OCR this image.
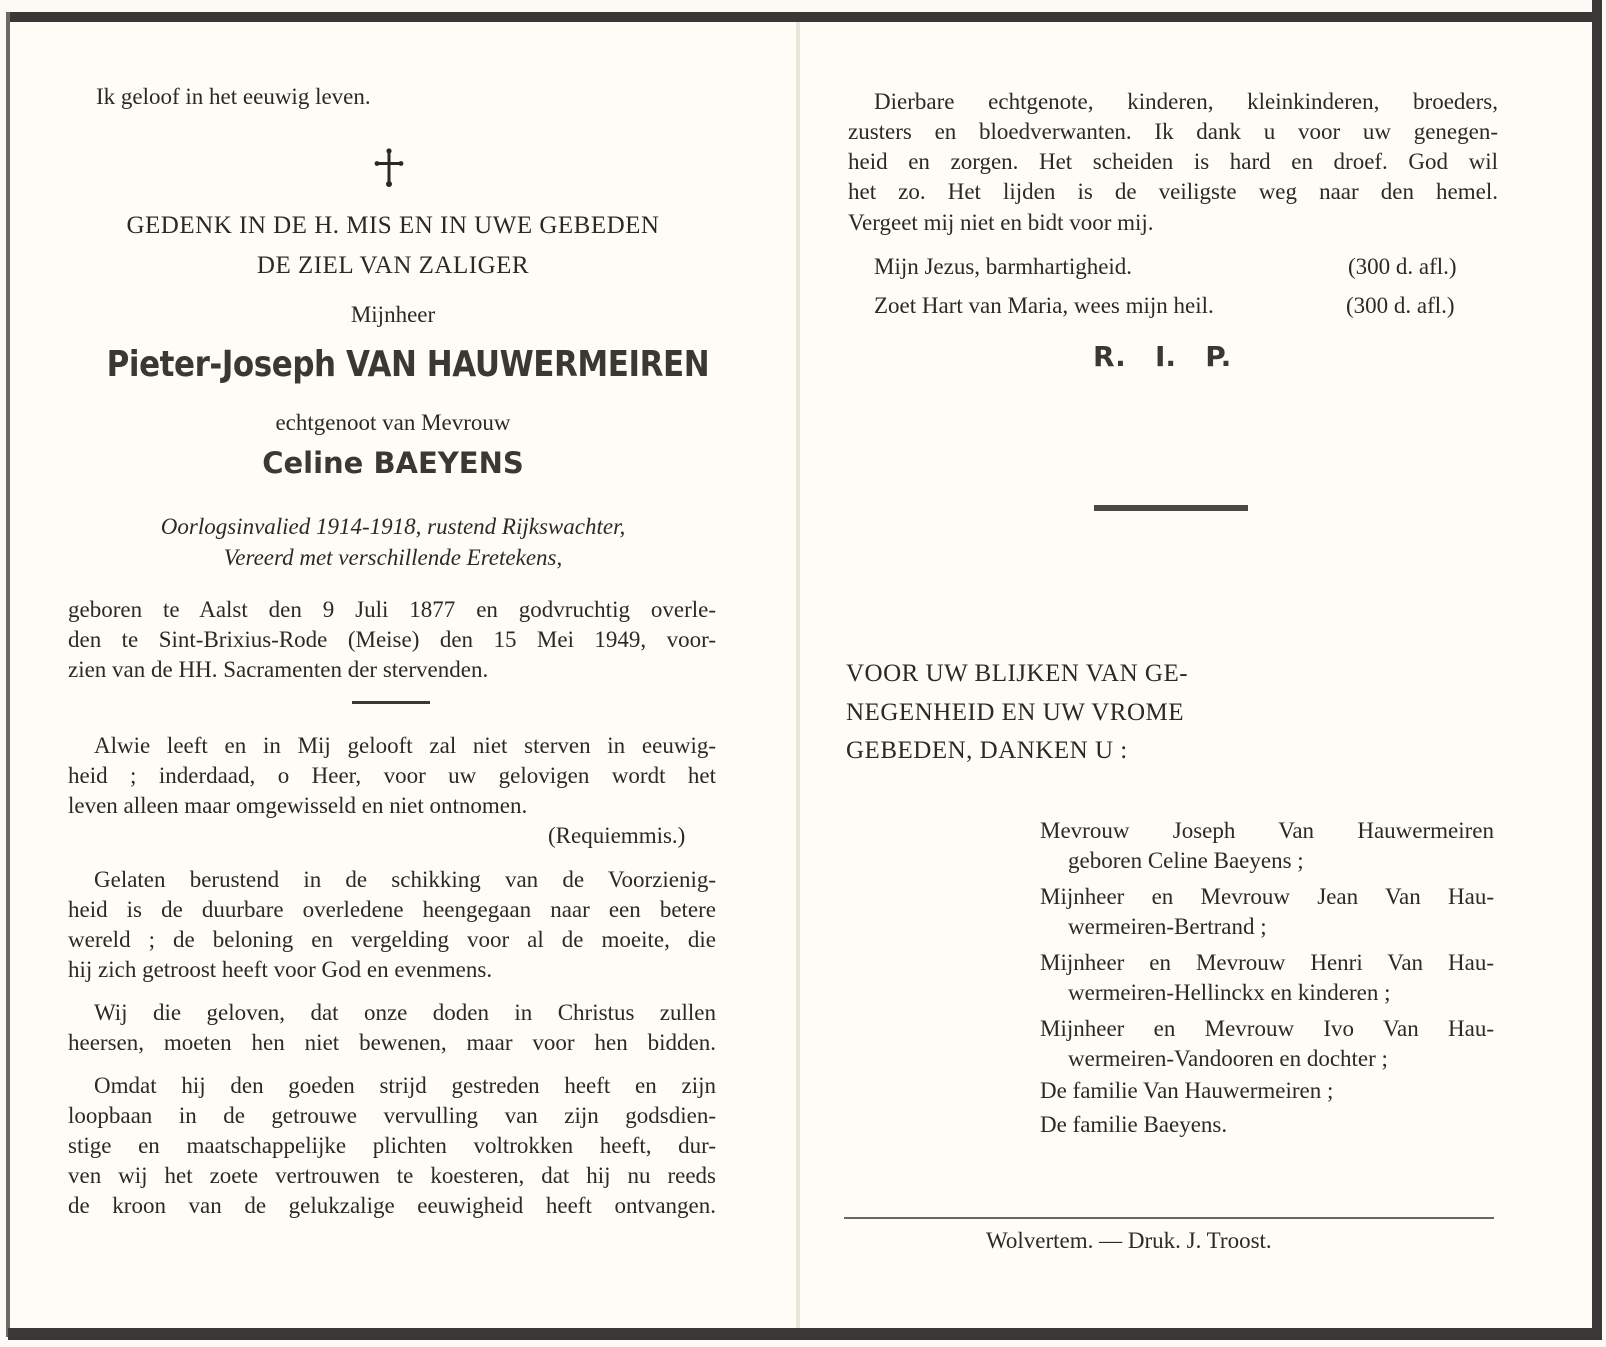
Ik geloof in het eeuwig leven.
GEDENK IN DE H. MIS EN IN UWE GEBEDEN
DE ZIEL VAN ZALIGER
Mijnheer
Pieter-Joseph VAN HAUWERMEIREN
echtgenoot van Mevrouw
Celine BAEYENS
Oorlogsinvalied 1914-1918, rustend Rijkswachter,
Vereerd met verschillende Eretekens,
geboren te Aalst den 9 Juli 1877 en godvruchtig overle-
den te Sint-Brixius-Rode (Meise) den 15 Mei 1949, voor-
zien van de HH. Sacramenten der stervenden.
Alwie leeft en in Mij gelooft zal niet sterven in eeuwig-
heid ; inderdaad, o Heer, voor uw gelovigen wordt het
leven alleen maar omgewisseld en niet ontnomen.
(Requiemmis.)
Gelaten berustend in de schikking van de Voorzienig-
heid is de duurbare overledene heengegaan naar een betere
wereld ; de beloning en vergelding voor al de moeite, die
hij zich getroost heeft voor God en evenmens.
Wij die geloven, dat onze doden in Christus zullen
heersen, moeten hen niet bewenen, maar voor hen bidden.
Omdat hij den goeden strijd gestreden heeft en zijn
loopbaan in de getrouwe vervulling van zijn godsdien-
stige en maatschappelijke plichten voltrokken heeft, dur-
ven wij het zoete vertrouwen te koesteren, dat hij nu reeds
de kroon van de gelukzalige eeuwigheid heeft ontvangen.
Dierbare echtgenote, kinderen, kleinkinderen, broeders,
zusters en bloedverwanten. Ik dank u voor uw genegen-
heid en zorgen. Het scheiden is hard en droef. God wil
het zo. Het lijden is de veiligste weg naar den hemel.
Vergeet mij niet en bidt voor mij.
Mijn Jezus, barmhartigheid.	(300 d. afl.)
Zoet Hart van Maria, wees mijn heil.	(300 d. afl.)
R.   I.   P.
VOOR UW BLIJKEN VAN GE-
NEGENHEID EN UW VROME
GEBEDEN, DANKEN U :
Mevrouw Joseph Van Hauwermeiren
geboren Celine Baeyens ;
Mijnheer en Mevrouw Jean Van Hau-
wermeiren-Bertrand ;
Mijnheer en Mevrouw Henri Van Hau-
wermeiren-Hellinckx en kinderen ;
Mijnheer en Mevrouw Ivo Van Hau-
wermeiren-Vandooren en dochter ;
De familie Van Hauwermeiren ;
De familie Baeyens.
Wolvertem. — Druk. J. Troost.
